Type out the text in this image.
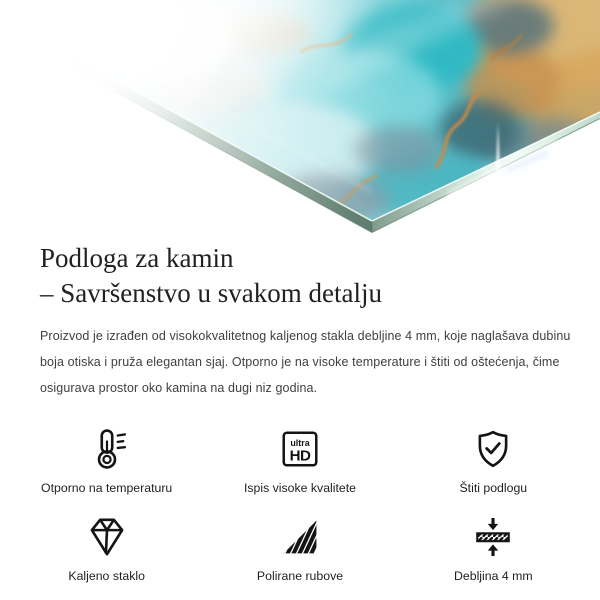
Podloga za kamin
– Savršenstvo u svakom detalju

Proizvod je izrađen od visokokvalitetnog kaljenog stakla debljine 4 mm, koje naglašava dubinu
boja otiska i pruža elegantan sjaj. Otporno je na visoke temperature i štiti od oštećenja, čime
osigurava prostor oko kamina na dugi niz godina.

Otporno na temperaturu
ultra
HD
Ispis visoke kvalitete	Štiti podlogu
Kaljeno staklo	Polirane rubove	Debljina 4 mm
